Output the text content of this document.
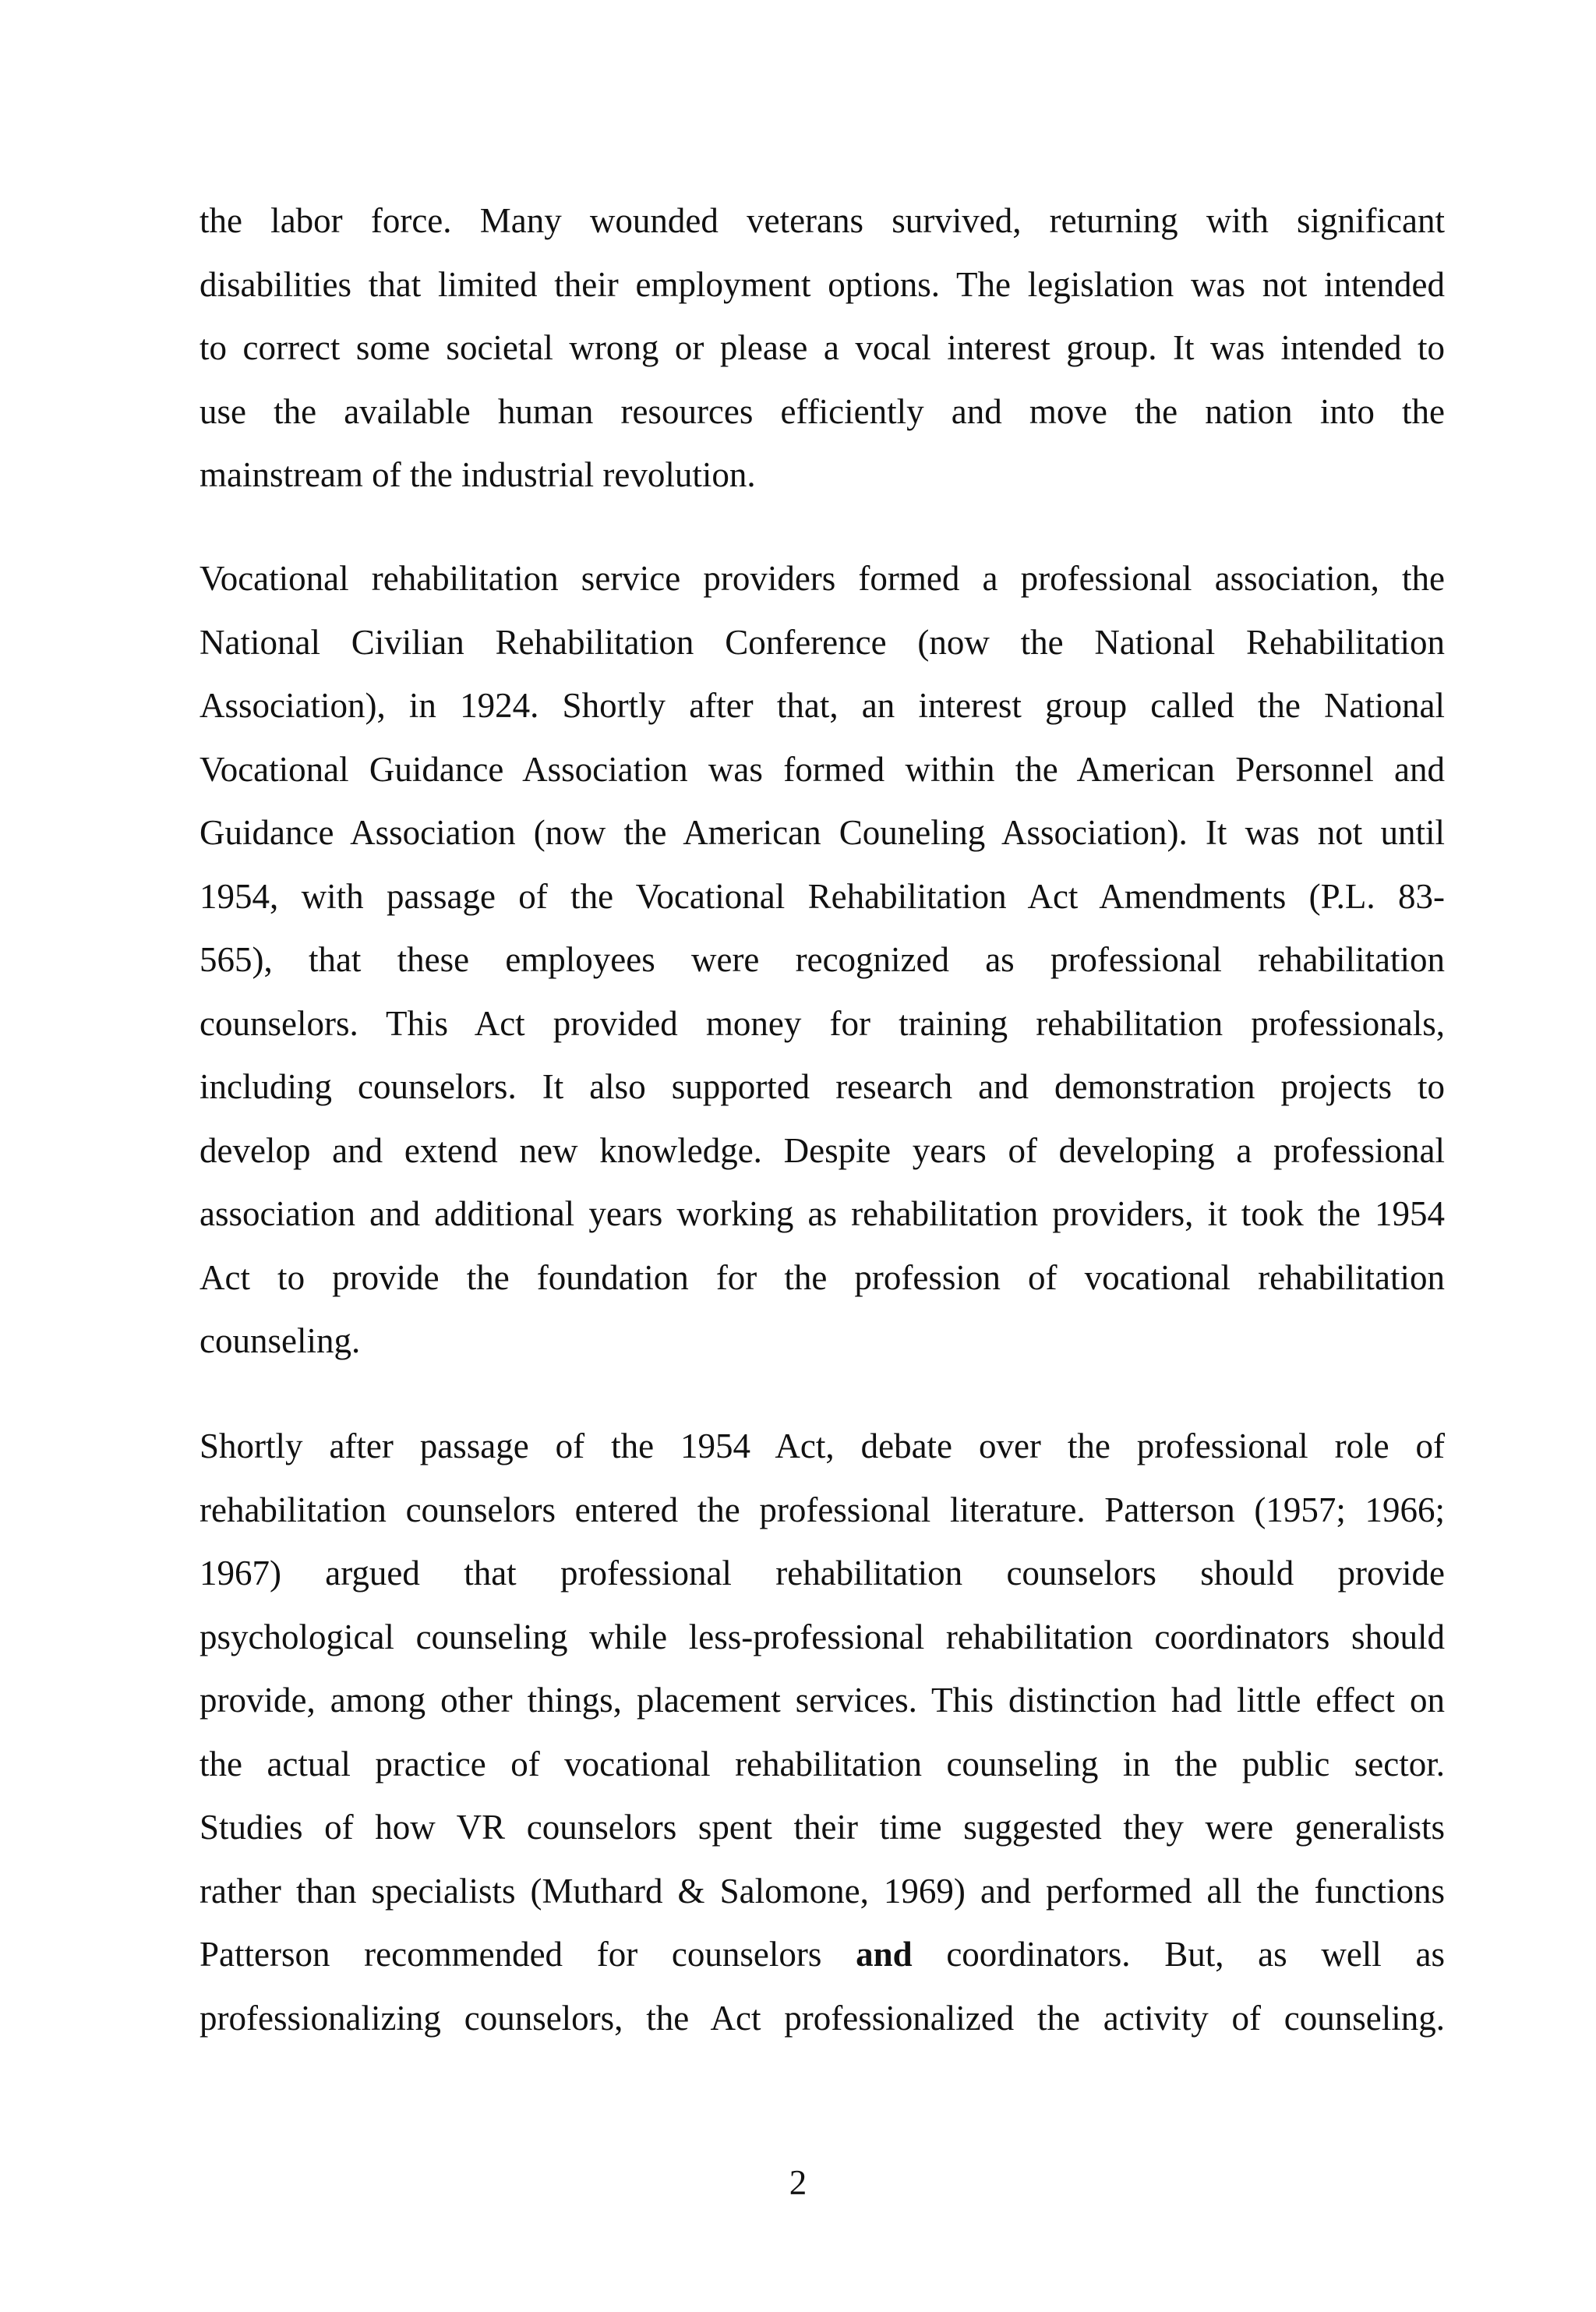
the labor force. Many wounded veterans survived, returning with significant
disabilities that limited their employment options. The legislation was not intended
to correct some societal wrong or please a vocal interest group. It was intended to
use the available human resources efficiently and move the nation into the
mainstream of the industrial revolution.

Vocational rehabilitation service providers formed a professional association, the
National Civilian Rehabilitation Conference (now the National Rehabilitation
Association), in 1924. Shortly after that, an interest group called the National
Vocational Guidance Association was formed within the American Personnel and
Guidance Association (now the American Couneling Association). It was not until
1954, with passage of the Vocational Rehabilitation Act Amendments (P.L. 83-
565), that these employees were recognized as professional rehabilitation
counselors. This Act provided money for training rehabilitation professionals,
including counselors. It also supported research and demonstration projects to
develop and extend new knowledge. Despite years of developing a professional
association and additional years working as rehabilitation providers, it took the 1954
Act to provide the foundation for the profession of vocational rehabilitation
counseling.

Shortly after passage of the 1954 Act, debate over the professional role of
rehabilitation counselors entered the professional literature. Patterson (1957; 1966;
1967) argued that professional rehabilitation counselors should provide
psychological counseling while less-professional rehabilitation coordinators should
provide, among other things, placement services. This distinction had little effect on
the actual practice of vocational rehabilitation counseling in the public sector.
Studies of how VR counselors spent their time suggested they were generalists
rather than specialists (Muthard & Salomone, 1969) and performed all the functions
Patterson recommended for counselors and coordinators. But, as well as
professionalizing counselors, the Act professionalized the activity of counseling.

2
